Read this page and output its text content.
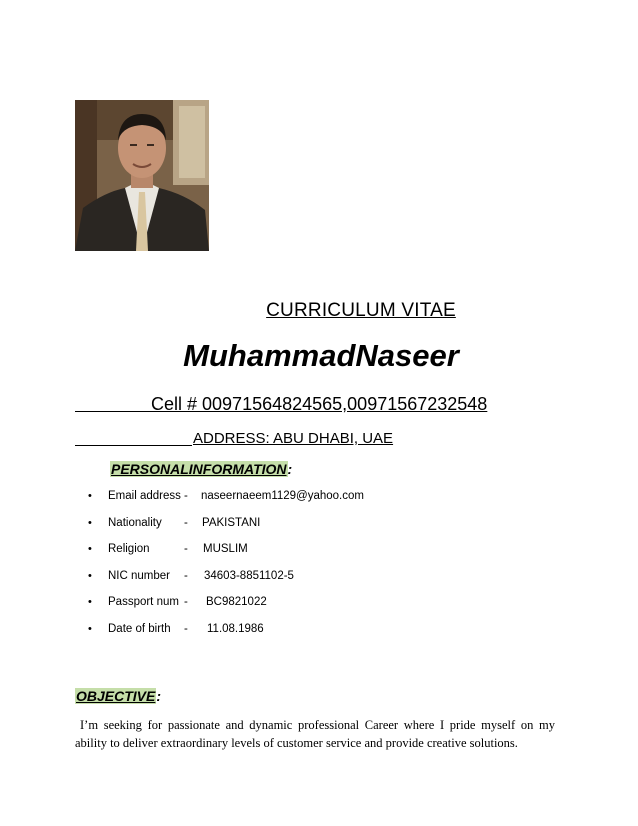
CURRICULUM VITAE
MuhammadNaseer
Cell # 00971564824565,00971567232548
ADDRESS: ABU DHABI, UAE
PERSONALINFORMATION:
• Email address - naseernaeem1129@yahoo.com
• Nationality - PAKISTANI
• Religion	- MUSLIM
• NIC number - 34603-8851102-5
• Passport num - BC9821022
• Date of birth - 11.08.1986
OBJECTIVE:
I’m seeking for passionate and dynamic professional Career where I pride myself on my ability to deliver extraordinary levels of customer service and provide creative solutions.
